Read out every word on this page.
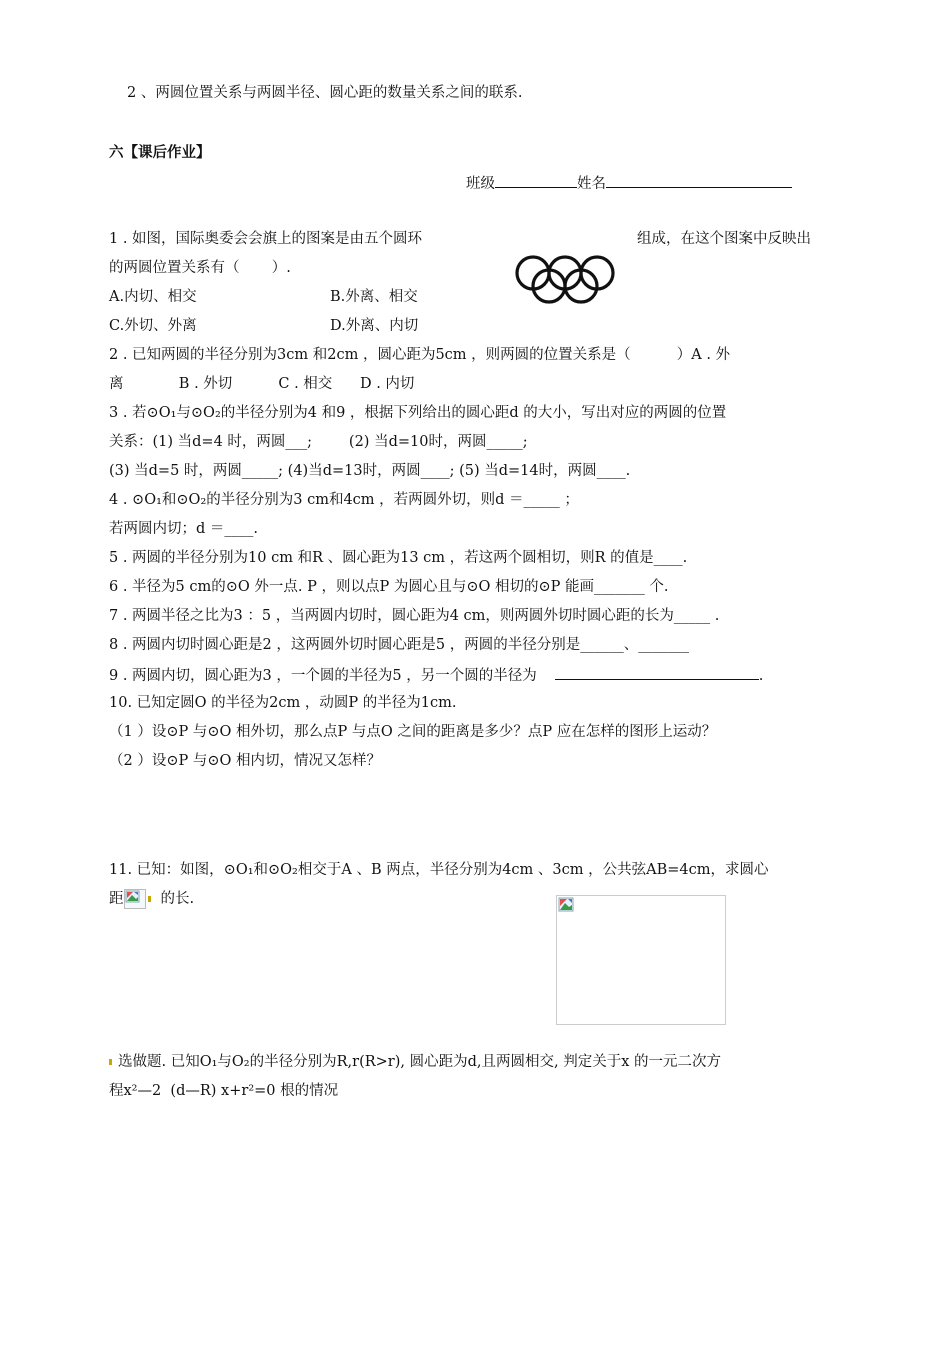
2 、两圆位置关系与两圆半径、圆心距的数量关系之间的联系.
六【课后作业】
班级	姓名
1 . 如图，国际奥委会会旗上的图案是由五个圆环	组成，在这个图案中反映出
的两圆位置关系有（       ）.
A.内切、相交	B.外离、相交
C.外切、外离	D.外离、内切
2 . 已知两圆的半径分别为3cm 和2cm ，圆心距为5cm ，则两圆的位置关系是（          ）A . 外
离            B . 外切          C . 相交      D . 内切
3 . 若⊙O₁与⊙O₂的半径分别为4 和9 ，根据下列给出的圆心距d 的大小，写出对应的两圆的位置
关系：(1) 当d=4 时，两圆___;        (2) 当d=10时，两圆_____;
(3) 当d=5 时，两圆_____; (4)当d=13时，两圆____; (5) 当d=14时，两圆____.
4 . ⊙O₁和⊙O₂的半径分别为3 cm和4cm ，若两圆外切，则d ＝_____ ；
若两圆内切；d ＝____.
5 . 两圆的半径分别为10 cm 和R 、圆心距为13 cm ，若这两个圆相切，则R 的值是____.
6 . 半径为5 cm的⊙O 外一点. P ，则以点P 为圆心且与⊙O 相切的⊙P 能画_______ 个.
7 . 两圆半径之比为3 ：5 ，当两圆内切时，圆心距为4 cm，则两圆外切时圆心距的长为_____ .
8 . 两圆内切时圆心距是2 ，这两圆外切时圆心距是5 ，两圆的半径分别是______、_______
9 . 两圆内切，圆心距为3 ，一个圆的半径为5 ，另一个圆的半径为	.
10. 已知定圆O 的半径为2cm ，动圆P 的半径为1cm.
（1 ）设⊙P 与⊙O 相外切，那么点P 与点O 之间的距离是多少？点P 应在怎样的图形上运动？
（2 ）设⊙P 与⊙O 相内切，情况又怎样？
11. 已知：如图，⊙O₁和⊙O₂相交于A 、B 两点，半径分别为4cm 、3cm ，公共弦AB=4cm，求圆心
距	的长.
选做题. 已知O₁与O₂的半径分别为R,r(R>r), 圆心距为d,且两圆相交, 判定关于x 的一元二次方
程x²—2  (d—R) x+r²=0 根的情况
